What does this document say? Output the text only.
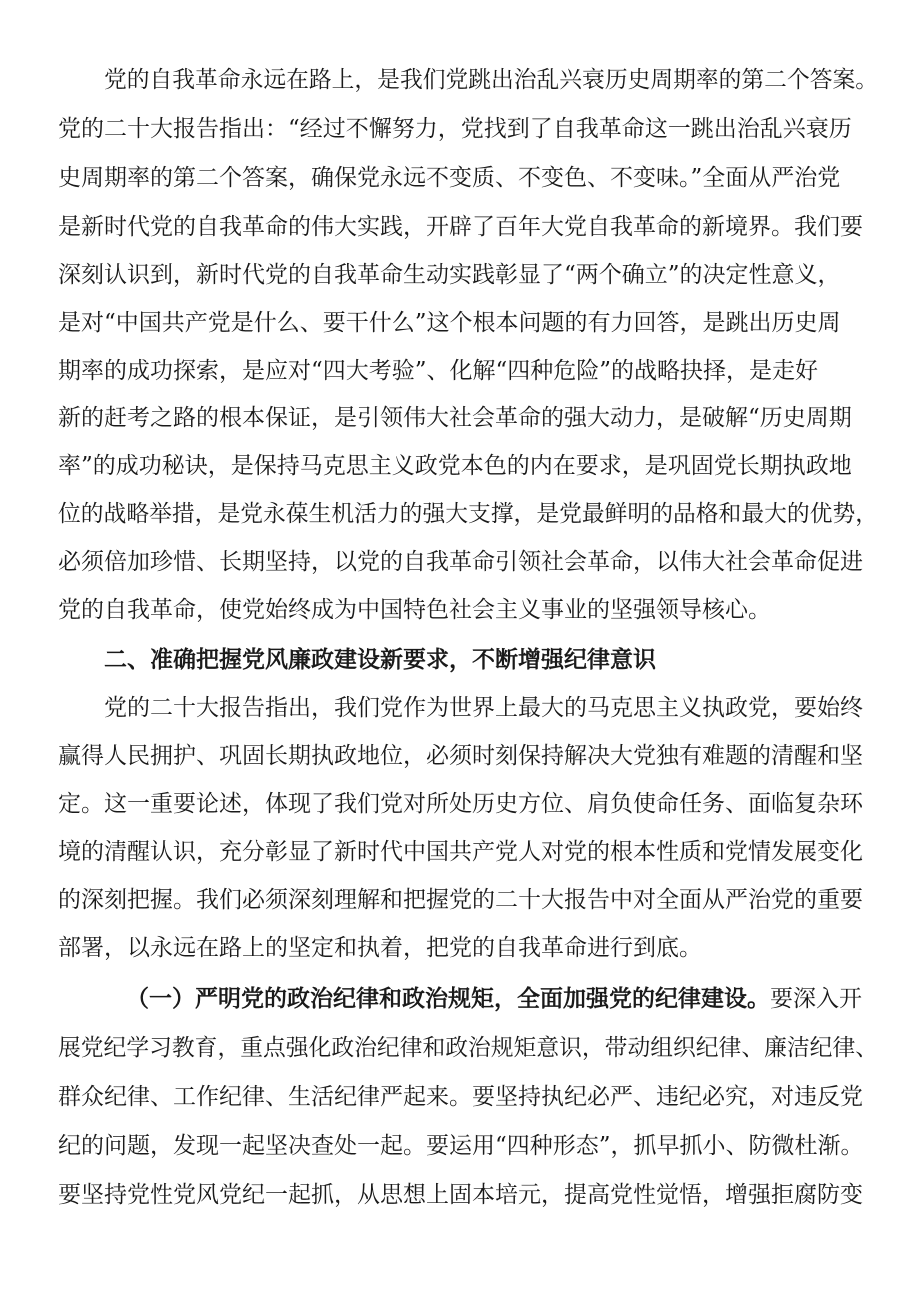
党的自我革命永远在路上，是我们党跳出治乱兴衰历史周期率的第二个答案。
党的二十大报告指出：“经过不懈努力，党找到了自我革命这一跳出治乱兴衰历
史周期率的第二个答案，确保党永远不变质、不变色、不变味。”全面从严治党
是新时代党的自我革命的伟大实践，开辟了百年大党自我革命的新境界。我们要
深刻认识到，新时代党的自我革命生动实践彰显了“两个确立”的决定性意义，
是对“中国共产党是什么、要干什么”这个根本问题的有力回答，是跳出历史周
期率的成功探索，是应对“四大考验”、化解“四种危险”的战略抉择，是走好
新的赶考之路的根本保证，是引领伟大社会革命的强大动力，是破解“历史周期
率”的成功秘诀，是保持马克思主义政党本色的内在要求，是巩固党长期执政地
位的战略举措，是党永葆生机活力的强大支撑，是党最鲜明的品格和最大的优势，
必须倍加珍惜、长期坚持，以党的自我革命引领社会革命，以伟大社会革命促进
党的自我革命，使党始终成为中国特色社会主义事业的坚强领导核心。
二、准确把握党风廉政建设新要求，不断增强纪律意识
党的二十大报告指出，我们党作为世界上最大的马克思主义执政党，要始终
赢得人民拥护、巩固长期执政地位，必须时刻保持解决大党独有难题的清醒和坚
定。这一重要论述，体现了我们党对所处历史方位、肩负使命任务、面临复杂环
境的清醒认识，充分彰显了新时代中国共产党人对党的根本性质和党情发展变化
的深刻把握。我们必须深刻理解和把握党的二十大报告中对全面从严治党的重要
部署，以永远在路上的坚定和执着，把党的自我革命进行到底。
（一）严明党的政治纪律和政治规矩，全面加强党的纪律建设。要深入开
展党纪学习教育，重点强化政治纪律和政治规矩意识，带动组织纪律、廉洁纪律、
群众纪律、工作纪律、生活纪律严起来。要坚持执纪必严、违纪必究，对违反党
纪的问题，发现一起坚决查处一起。要运用“四种形态”，抓早抓小、防微杜渐。
要坚持党性党风党纪一起抓，从思想上固本培元，提高党性觉悟，增强拒腐防变
